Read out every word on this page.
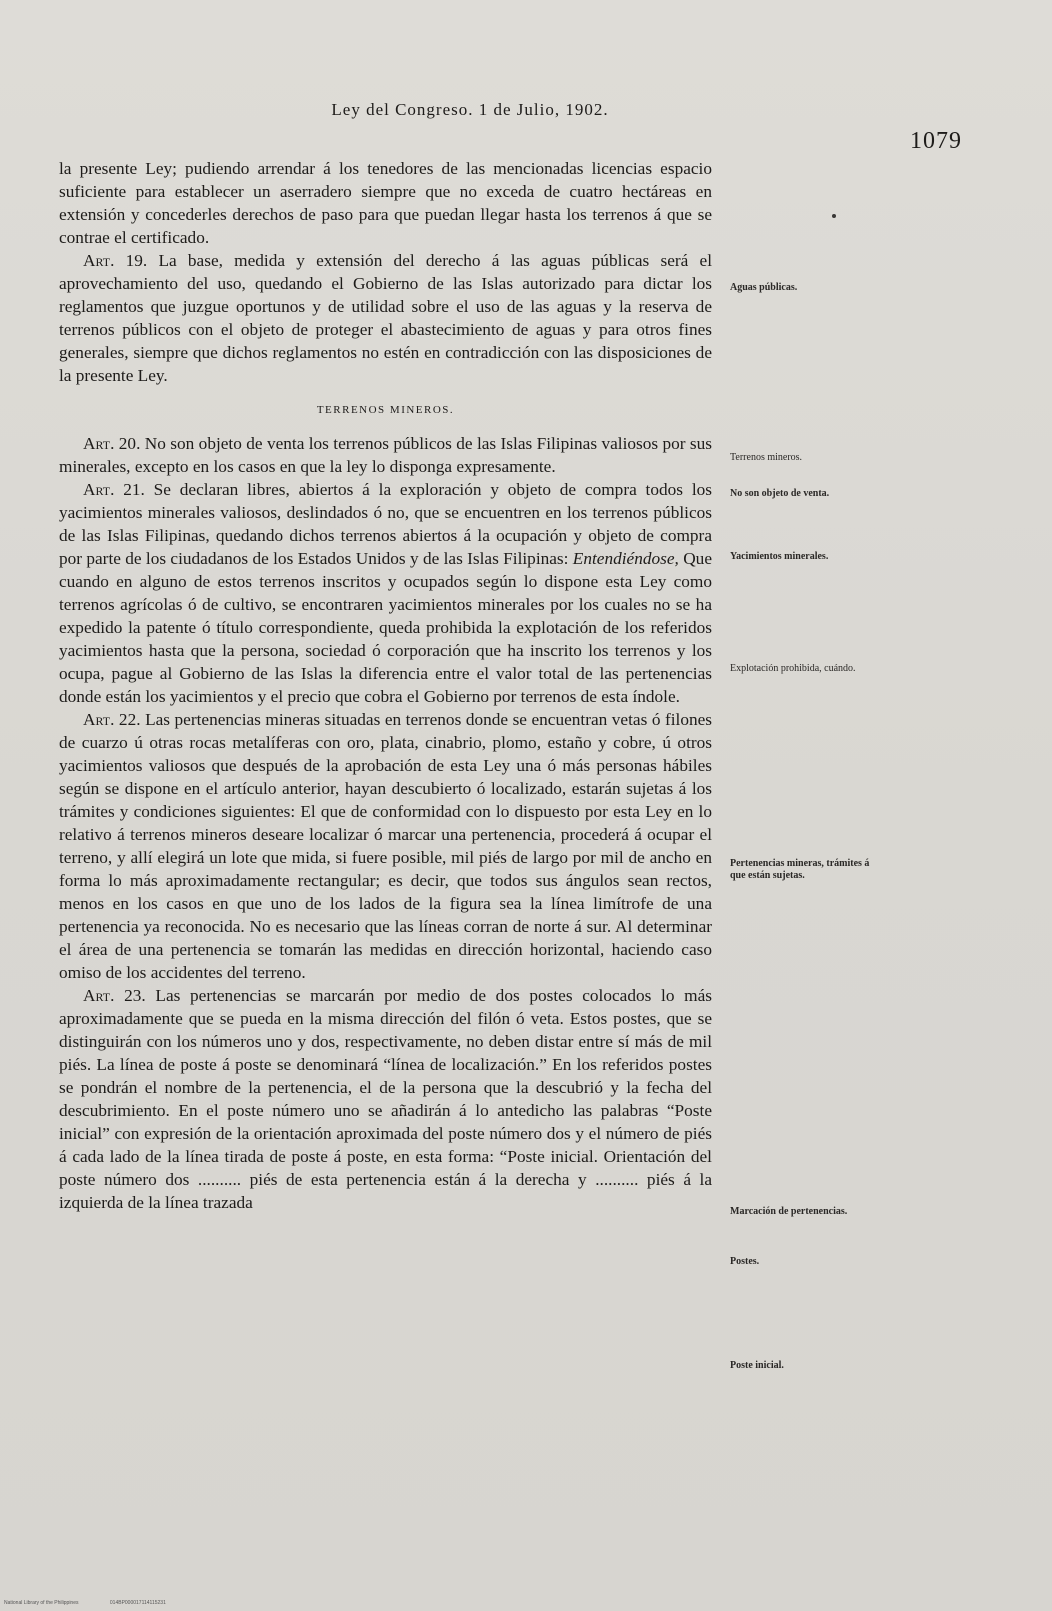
Ley del Congreso. 1 de Julio, 1902.
1079

la presente Ley; pudiendo arrendar á los tenedores de las mencionadas licencias espacio suficiente para establecer un aserradero siempre que no exceda de cuatro hectáreas en extensión y concederles derechos de paso para que puedan llegar hasta los terrenos á que se contrae el certificado.

Art. 19. La base, medida y extensión del derecho á las aguas públicas será el aprovechamiento del uso, quedando el Gobierno de las Islas autorizado para dictar los reglamentos que juzgue oportunos y de utilidad sobre el uso de las aguas y la reserva de terrenos públicos con el objeto de proteger el abastecimiento de aguas y para otros fines generales, siempre que dichos reglamentos no estén en contradicción con las disposiciones de la presente Ley.

TERRENOS MINEROS.

Art. 20. No son objeto de venta los terrenos públicos de las Islas Filipinas valiosos por sus minerales, excepto en los casos en que la ley lo disponga expresamente.

Art. 21. Se declaran libres, abiertos á la exploración y objeto de compra todos los yacimientos minerales valiosos, deslindados ó no, que se encuentren en los terrenos públicos de las Islas Filipinas, quedando dichos terrenos abiertos á la ocupación y objeto de compra por parte de los ciudadanos de los Estados Unidos y de las Islas Filipinas: Entendiéndose, Que cuando en alguno de estos terrenos inscritos y ocupados según lo dispone esta Ley como terrenos agrícolas ó de cultivo, se encontraren yacimientos minerales por los cuales no se ha expedido la patente ó título correspondiente, queda prohibida la explotación de los referidos yacimientos hasta que la persona, sociedad ó corporación que ha inscrito los terrenos y los ocupa, pague al Gobierno de las Islas la diferencia entre el valor total de las pertenencias donde están los yacimientos y el precio que cobra el Gobierno por terrenos de esta índole.

Art. 22. Las pertenencias mineras situadas en terrenos donde se encuentran vetas ó filones de cuarzo ú otras rocas metalíferas con oro, plata, cinabrio, plomo, estaño y cobre, ú otros yacimientos valiosos que después de la aprobación de esta Ley una ó más personas hábiles según se dispone en el artículo anterior, hayan descubierto ó localizado, estarán sujetas á los trámites y condiciones siguientes: El que de conformidad con lo dispuesto por esta Ley en lo relativo á terrenos mineros deseare localizar ó marcar una pertenencia, procederá á ocupar el terreno, y allí elegirá un lote que mida, si fuere posible, mil piés de largo por mil de ancho en forma lo más aproximadamente rectangular; es decir, que todos sus ángulos sean rectos, menos en los casos en que uno de los lados de la figura sea la línea limítrofe de una pertenencia ya reconocida. No es necesario que las líneas corran de norte á sur. Al determinar el área de una pertenencia se tomarán las medidas en dirección horizontal, haciendo caso omiso de los accidentes del terreno.

Art. 23. Las pertenencias se marcarán por medio de dos postes colocados lo más aproximadamente que se pueda en la misma dirección del filón ó veta. Estos postes, que se distinguirán con los números uno y dos, respectivamente, no deben distar entre sí más de mil piés. La línea de poste á poste se denominará “línea de localización.” En los referidos postes se pondrán el nombre de la pertenencia, el de la persona que la descubrió y la fecha del descubrimiento. En el poste número uno se añadirán á lo antedicho las palabras “Poste inicial” con expresión de la orientación aproximada del poste número dos y el número de piés á cada lado de la línea tirada de poste á poste, en esta forma: “Poste inicial. Orientación del poste número dos .......... piés de esta pertenencia están á la derecha y .......... piés á la izquierda de la línea trazada

Aguas públicas.
Terrenos mineros.
No son objeto de venta.
Yacimientos minerales.
Explotación prohibida, cuándo.
Pertenencias mineras, trámites á que están sujetas.
Marcación de pertenencias.
Postes.
Poste inicial.
National Library of the Philippines	014BP000017114115231
